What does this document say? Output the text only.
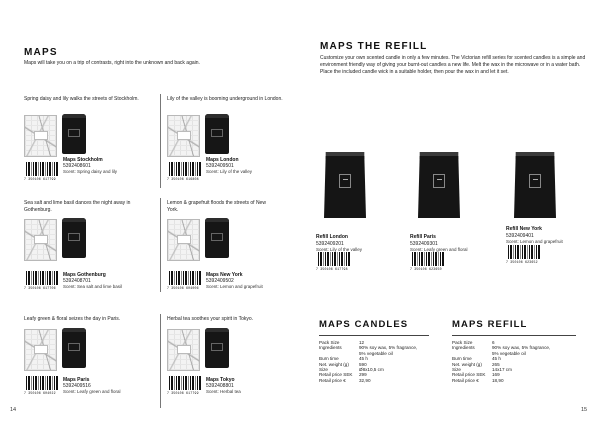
MAPS
Maps will take you on a trip of contrasts, right into the unknown and back again.
Spring daisy and lily walks the streets of Stockholm.
Maps Stockholm
5392408601
Scent: Spring daisy and lily
7 350106 617799
Lily of the valley is booming underground in London.
Maps London
5392409501
Scent: Lily of the valley
7 350106 616808
Sea salt and lime basil dances the night away in Gothenburg.
Maps Gothenburg
5392408701
Scent: Sea salt and lime basil
7 350106 617706
Lemon & grapefruit floods the streets of New York.
Maps New York
5392409502
Scent: Lemon and grapefruit
7 350106 604006
Leafy green & floral seizes the day in Paris.
Maps Paris
5392409516
Scent: Leafy green and floral
7 350106 604022
Herbal tea soothes your spirit in Tokyo.
Maps Tokyo
5392408801
Scent: Herbal tea
7 350106 617799
14
MAPS THE REFILL
Customize your own scented candle in only a few minutes. The Victorian refill series for scented candles is a simple and environment friendly way of giving your burnt-out candles a new life. Melt the wax in the microwave or in a water bath. Place the included candle wick in a suitable holder, then pour the wax in and let it set.
Refill London
5392409201
Scent: Lily of the valley
7 350106 617798
Refill Paris
5392409301
Scent: Leafy green and floral
7 350106 623650
Refill New York
5392409401
Scent: Lemon and grapefruit
7 350106 623652
MAPS CANDLES
Pack Size	12
Ingredients	90% soy wax, 5% fragrance,
5% vegetable oil
Burn time	45 h
Net. weight (g)	590
Size	Ø8x10,5 cm
Retail price SEK	299
Retail price €	32,90
MAPS REFILL
Pack Size	6
Ingredients	90% soy wax, 5% fragrance,
5% vegetable oil
Burn time	45 h
Net. weight (g)	265
Size	14x17 cm
Retail price SEK	169
Retail price €	18,90
15
